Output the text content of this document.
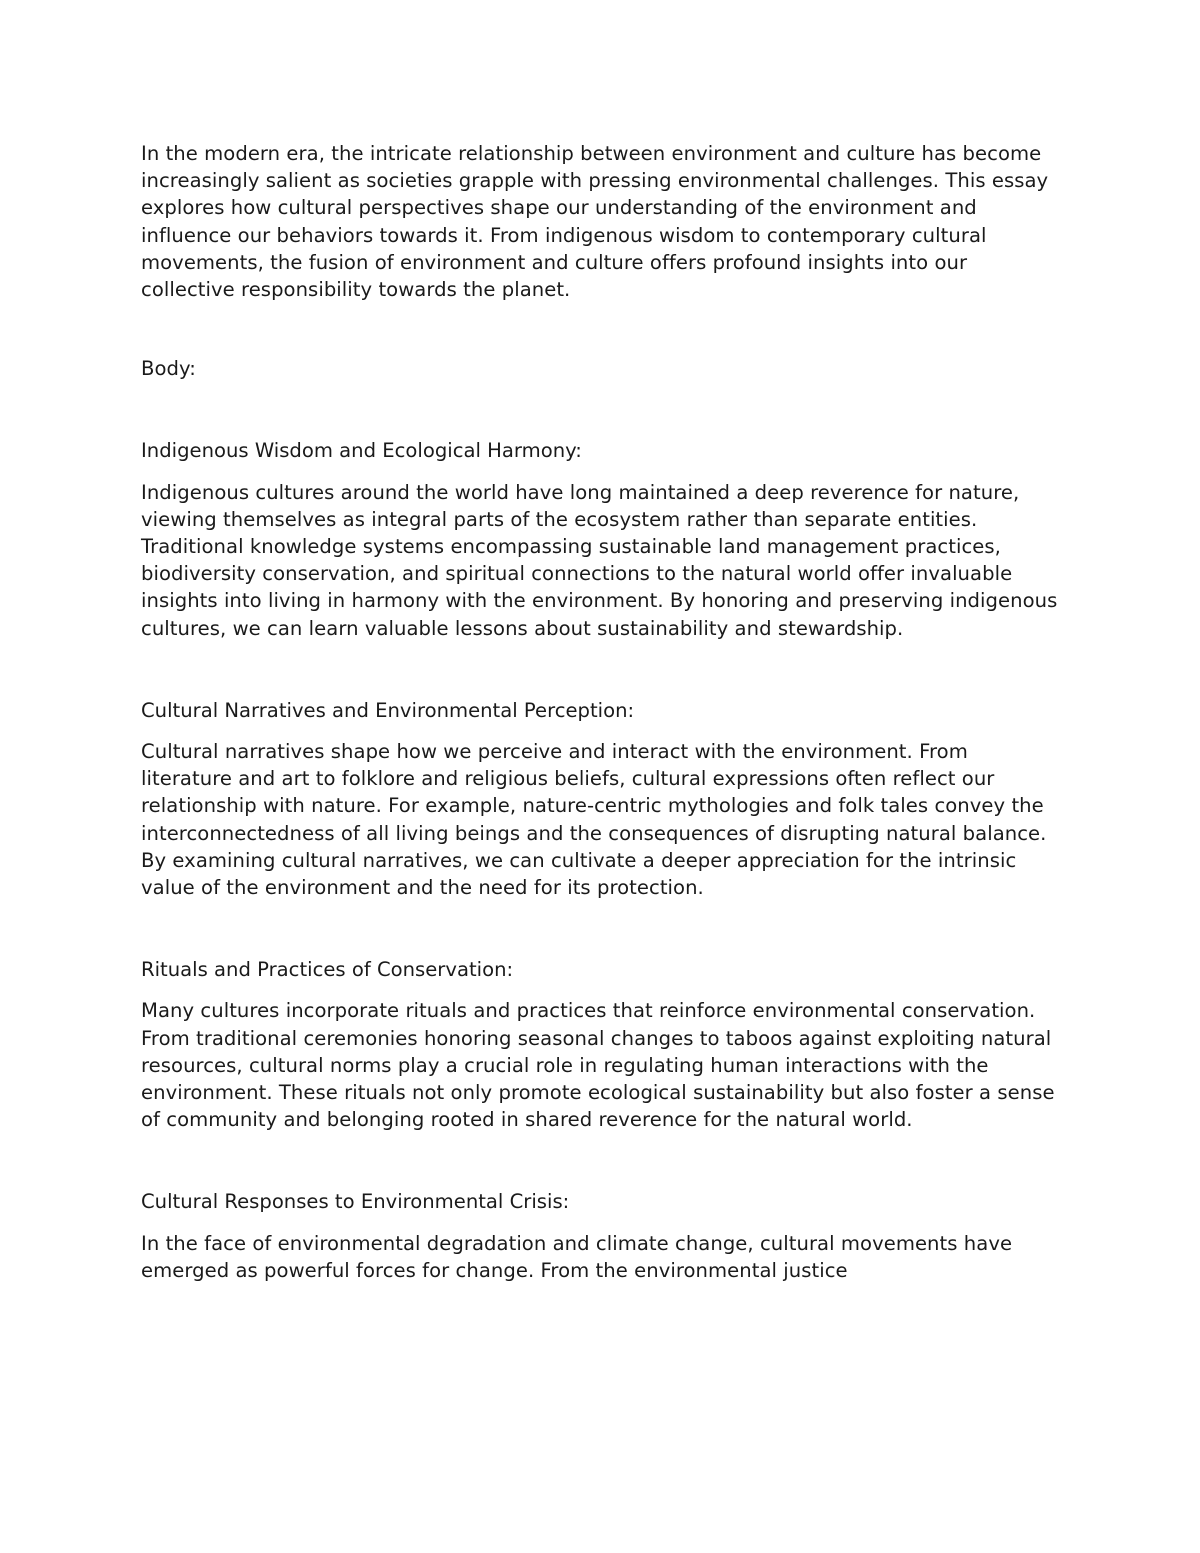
In the modern era, the intricate relationship between environment and culture has become increasingly salient as societies grapple with pressing environmental challenges. This essay explores how cultural perspectives shape our understanding of the environment and influence our behaviors towards it. From indigenous wisdom to contemporary cultural movements, the fusion of environment and culture offers profound insights into our collective responsibility towards the planet.

Body:

Indigenous Wisdom and Ecological Harmony:

Indigenous cultures around the world have long maintained a deep reverence for nature, viewing themselves as integral parts of the ecosystem rather than separate entities. Traditional knowledge systems encompassing sustainable land management practices, biodiversity conservation, and spiritual connections to the natural world offer invaluable insights into living in harmony with the environment. By honoring and preserving indigenous cultures, we can learn valuable lessons about sustainability and stewardship.

Cultural Narratives and Environmental Perception:

Cultural narratives shape how we perceive and interact with the environment. From literature and art to folklore and religious beliefs, cultural expressions often reflect our relationship with nature. For example, nature-centric mythologies and folk tales convey the interconnectedness of all living beings and the consequences of disrupting natural balance. By examining cultural narratives, we can cultivate a deeper appreciation for the intrinsic value of the environment and the need for its protection.

Rituals and Practices of Conservation:

Many cultures incorporate rituals and practices that reinforce environmental conservation. From traditional ceremonies honoring seasonal changes to taboos against exploiting natural resources, cultural norms play a crucial role in regulating human interactions with the environment. These rituals not only promote ecological sustainability but also foster a sense of community and belonging rooted in shared reverence for the natural world.

Cultural Responses to Environmental Crisis:

In the face of environmental degradation and climate change, cultural movements have emerged as powerful forces for change. From the environmental justice
